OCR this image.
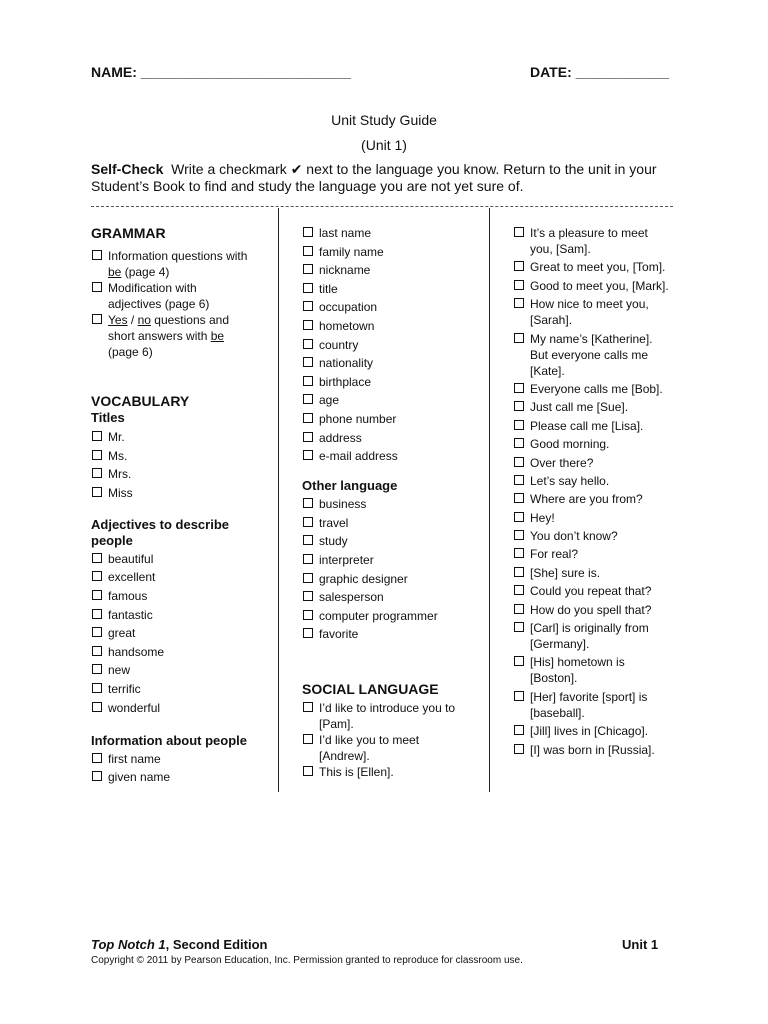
NAME: ___________________________	DATE: ____________
Unit Study Guide
(Unit 1)
Self-Check Write a checkmark ✔ next to the language you know. Return to the unit in your Student’s Book to find and study the language you are not yet sure of.
GRAMMAR
Information questions with
be (page 4)
Modification with
adjectives (page 6)
Yes / no questions and
short answers with be
(page 6)
VOCABULARY
Titles
Mr.
Ms.
Mrs.
Miss
Adjectives to describe
people
beautiful
excellent
famous
fantastic
great
handsome
new
terrific
wonderful
Information about people
first name
given name
last name
family name
nickname
title
occupation
hometown
country
nationality
birthplace
age
phone number
address
e-mail address
Other language
business
travel
study
interpreter
graphic designer
salesperson
computer programmer
favorite
SOCIAL LANGUAGE
I’d like to introduce you to
[Pam].
I’d like you to meet
[Andrew].
This is [Ellen].
It’s a pleasure to meet
you, [Sam].
Great to meet you, [Tom].
Good to meet you, [Mark].
How nice to meet you,
[Sarah].
My name’s [Katherine].
But everyone calls me
[Kate].
Everyone calls me [Bob].
Just call me [Sue].
Please call me [Lisa].
Good morning.
Over there?
Let’s say hello.
Where are you from?
Hey!
You don’t know?
For real?
[She] sure is.
Could you repeat that?
How do you spell that?
[Carl] is originally from
[Germany].
[His] hometown is
[Boston].
[Her] favorite [sport] is
[baseball].
[Jill] lives in [Chicago].
[I] was born in [Russia].
Top Notch 1, Second Edition	Unit 1
Copyright © 2011 by Pearson Education, Inc. Permission granted to reproduce for classroom use.
